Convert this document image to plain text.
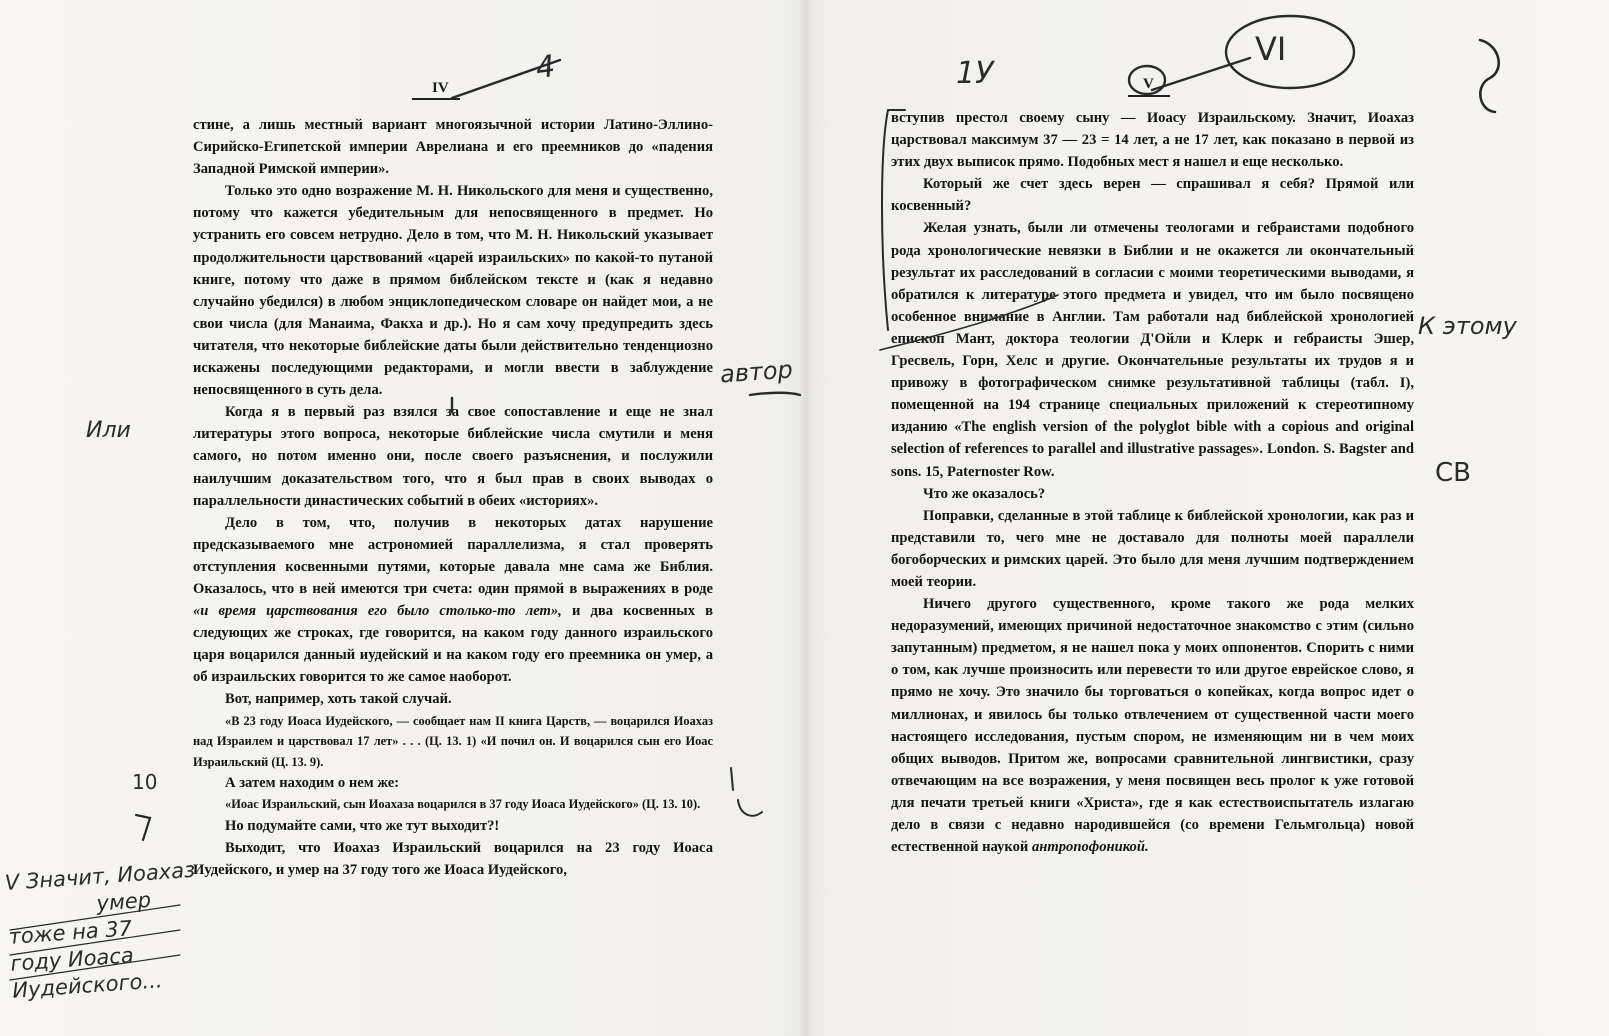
IV	V

стине, а лишь местный вариант многоязычной истории Латино-Эллино-Сирийско-Египетской империи Аврелиана и его преемников до «падения Западной Римской империи».

Только это одно возражение М. Н. Никольского для меня и существенно, потому что кажется убедительным для непосвященного в предмет. Но устранить его совсем нетрудно. Дело в том, что М. Н. Никольский указывает продолжительности царствований «царей израильских» по какой-то путаной книге, потому что даже в прямом библейском тексте и (как я недавно случайно убедился) в любом энциклопедическом словаре он найдет мои, а не свои числа (для Манаима, Факха и др.). Но я сам хочу предупредить здесь читателя, что некоторые библейские даты были действительно тенденциозно искажены последующими редакторами, и могли ввести в заблуждение непосвященного в суть дела.

Когда я в первый раз взялся за свое сопоставление и еще не знал литературы этого вопроса, некоторые библейские числа смутили и меня самого, но потом именно они, после своего разъяснения, и послужили наилучшим доказательством того, что я был прав в своих выводах о параллельности династических событий в обеих «историях».

Дело в том, что, получив в некоторых датах нарушение предсказываемого мне астрономией параллелизма, я стал проверять отступления косвенными путями, которые давала мне сама же Библия. Оказалось, что в ней имеются три счета: один прямой в выражениях в роде «и время царствования его было столько-то лет», и два косвенных в следующих же строках, где говорится, на каком году данного израильского царя воцарился данный иудейский и на каком году его преемника он умер, а об израильских говорится то же самое наоборот.

Вот, например, хоть такой случай.

«В 23 году Иоаса Иудейского, — сообщает нам II книга Царств, — воцарился Иоахаз над Израилем и царствовал 17 лет» . . . (Ц. 13. 1) «И почил он. И воцарился сын его Иоас Израильский (Ц. 13. 9).

А затем находим о нем же:

«Иоас Израильский, сын Иоахаза воцарился в 37 году Иоаса Иудейского» (Ц. 13. 10).

Но подумайте сами, что же тут выходит?!

Выходит, что Иоахаз Израильский воцарился на 23 году Иоаса Иудейского, и умер на 37 году того же Иоаса Иудейского,

вступив престол своему сыну — Иоасу Израильскому. Значит, Иоахаз царствовал максимум 37 — 23 = 14 лет, а не 17 лет, как показано в первой из этих двух выписок прямо. Подобных мест я нашел и еще несколько.

Который же счет здесь верен — спрашивал я себя? Прямой или косвенный?

Желая узнать, были ли отмечены теологами и гебраистами подобного рода хронологические невязки в Библии и не окажется ли окончательный результат их расследований в согласии с моими теоретическими выводами, я обратился к литературе этого предмета и увидел, что им было посвящено особенное внимание в Англии. Там работали над библейской хронологией епископ Мант, доктора теологии Д'Ойли и Клерк и гебраисты Эшер, Гресвель, Горн, Хелс и другие. Окончательные результаты их трудов я и привожу в фотографическом снимке результативной таблицы (табл. I), помещенной на 194 странице специальных приложений к стереотипному изданию «The english version of the polyglot bible with a copious and original selection of references to parallel and illustrative passages». London. S. Bagster and sons. 15, Paternoster Row.

Что же оказалось?

Поправки, сделанные в этой таблице к библейской хронологии, как раз и представили то, чего мне не доставало для полноты моей параллели богоборческих и римских царей. Это было для меня лучшим подтверждением моей теории.

Ничего другого существенного, кроме такого же рода мелких недоразумений, имеющих причиной недостаточное знакомство с этим (сильно запутанным) предметом, я не нашел пока у моих оппонентов. Спорить с ними о том, как лучше произносить или перевести то или другое еврейское слово, я прямо не хочу. Это значило бы торговаться о копейках, когда вопрос идет о миллионах, и явилось бы только отвлечением от существенной части моего настоящего исследования, пустым спором, не изменяющим ни в чем моих общих выводов. Притом же, вопросами сравнительной лингвистики, сразу отвечающим на все возражения, у меня посвящен весь пролог к уже готовой для печати третьей книги «Христа», где я как естествоиспытатель излагаю дело в связи с недавно народившейся (со времени Гельмгольца) новой естественной наукой антропофоникой.

4	1У
VI
автор
Или
К этому
СВ
10
V Значит, Иоахаз
умер
тоже на 37
году Иоаса
Иудейского...
